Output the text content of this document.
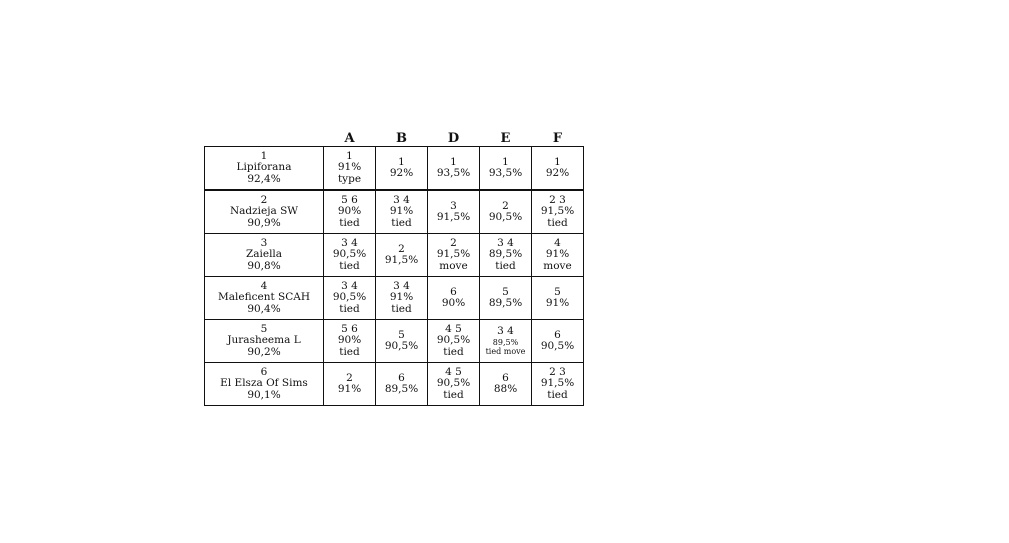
	A	B	D	E	F

1
Lipiforana
92,4%	1
91%
type	1
92%	1
93,5%	1
93,5%	1
92%

2
Nadzieja SW
90,9%	5 6
90%
tied	3 4
91%
tied	3
91,5%	2
90,5%	2 3
91,5%
tied

3
Zaiella
90,8%	3 4
90,5%
tied	2
91,5%	2
91,5%
move	3 4
89,5%
tied	4
91%
move

4
Maleficent SCAH
90,4%	3 4
90,5%
tied	3 4
91%
tied	6
90%	5
89,5%	5
91%

5
Jurasheema L
90,2%	5 6
90%
tied	5
90,5%	4 5
90,5%
tied	3 4
89,5%
tied move	6
90,5%

6
El Elsza Of Sims
90,1%	2
91%	6
89,5%	4 5
90,5%
tied	6
88%	2 3
91,5%
tied
